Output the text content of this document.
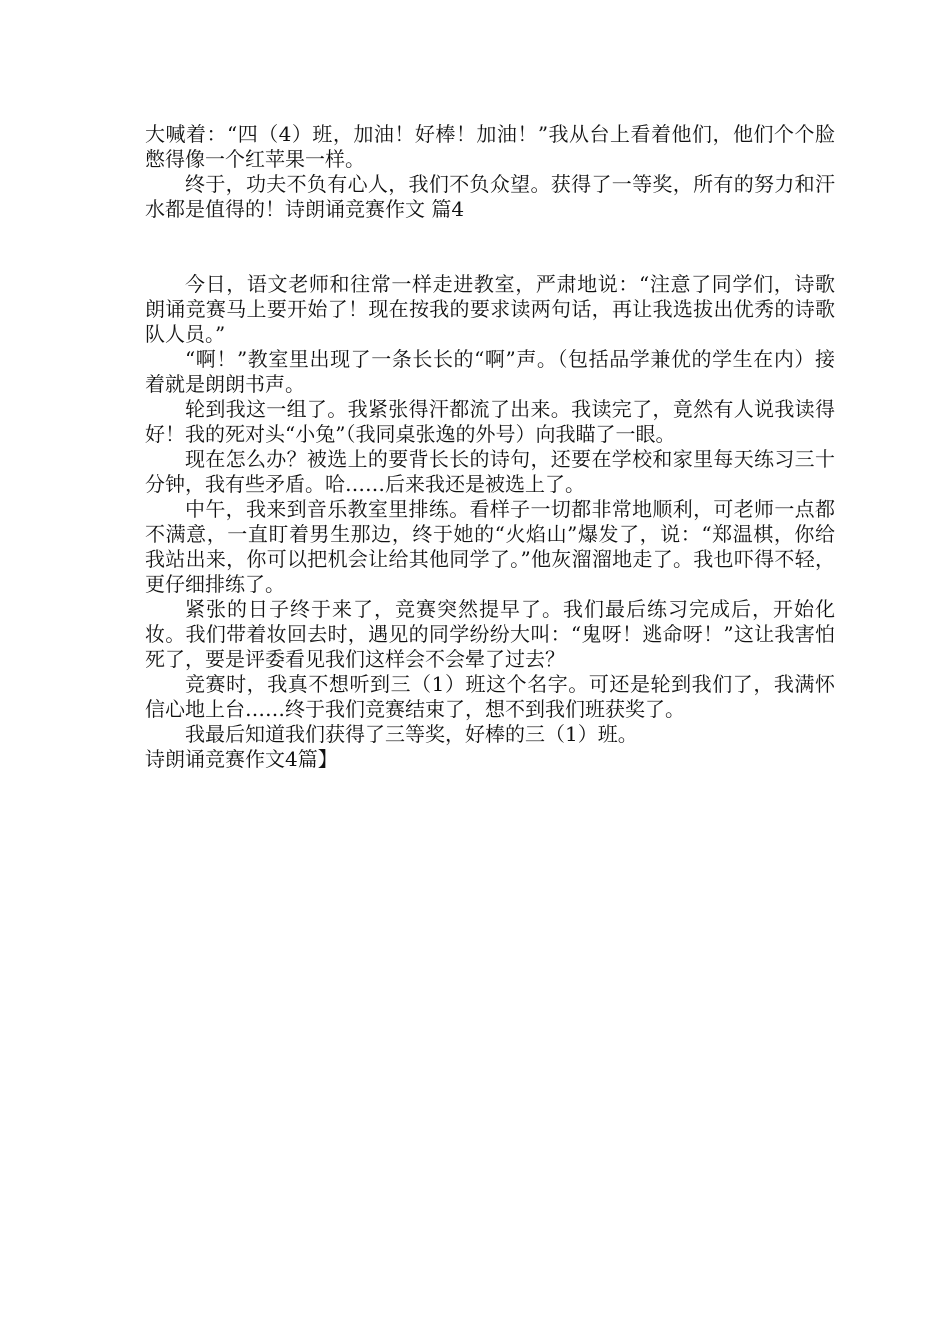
大喊着：“四（4）班，加油！好棒！加油！”我从台上看着他们，他们个个脸憋得像一个红苹果一样。

终于，功夫不负有心人，我们不负众望。获得了一等奖，所有的努力和汗水都是值得的！诗朗诵竞赛作文 篇4

今日，语文老师和往常一样走进教室，严肃地说：“注意了同学们，诗歌朗诵竞赛马上要开始了！现在按我的要求读两句话，再让我选拔出优秀的诗歌队人员。”

“啊！”教室里出现了一条长长的“啊”声。（包括品学兼优的学生在内）接着就是朗朗书声。

轮到我这一组了。我紧张得汗都流了出来。我读完了，竟然有人说我读得好！我的死对头“小兔”（我同桌张逸的外号）向我瞄了一眼。

现在怎么办？被选上的要背长长的诗句，还要在学校和家里每天练习三十分钟，我有些矛盾。哈……后来我还是被选上了。

中午，我来到音乐教室里排练。看样子一切都非常地顺利，可老师一点都不满意，一直盯着男生那边，终于她的“火焰山”爆发了，说：“郑温棋，你给我站出来，你可以把机会让给其他同学了。”他灰溜溜地走了。我也吓得不轻，更仔细排练了。

紧张的日子终于来了，竞赛突然提早了。我们最后练习完成后，开始化妆。我们带着妆回去时，遇见的同学纷纷大叫：“鬼呀！逃命呀！”这让我害怕死了，要是评委看见我们这样会不会晕了过去？

竞赛时，我真不想听到三（1）班这个名字。可还是轮到我们了，我满怀信心地上台……终于我们竞赛结束了，想不到我们班获奖了。

我最后知道我们获得了三等奖，好棒的三（1）班。

诗朗诵竞赛作文4篇】
